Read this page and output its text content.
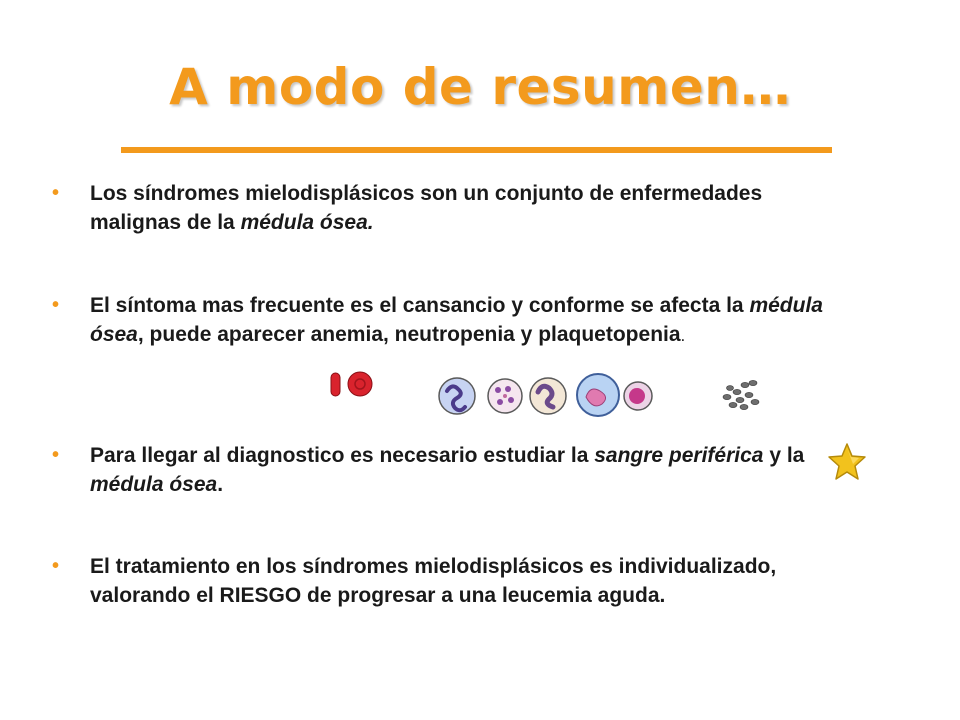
A modo de resumen…
• Los síndromes mielodisplásicos son un conjunto de enfermedades malignas de la médula ósea.
• El síntoma mas frecuente es el cansancio y conforme se afecta la médula ósea, puede aparecer anemia, neutropenia y plaquetopenia.
• Para llegar al diagnostico es necesario estudiar la sangre periférica y la médula ósea.
• El tratamiento en los síndromes mielodisplásicos es individualizado, valorando el RIESGO de progresar a una leucemia aguda.
